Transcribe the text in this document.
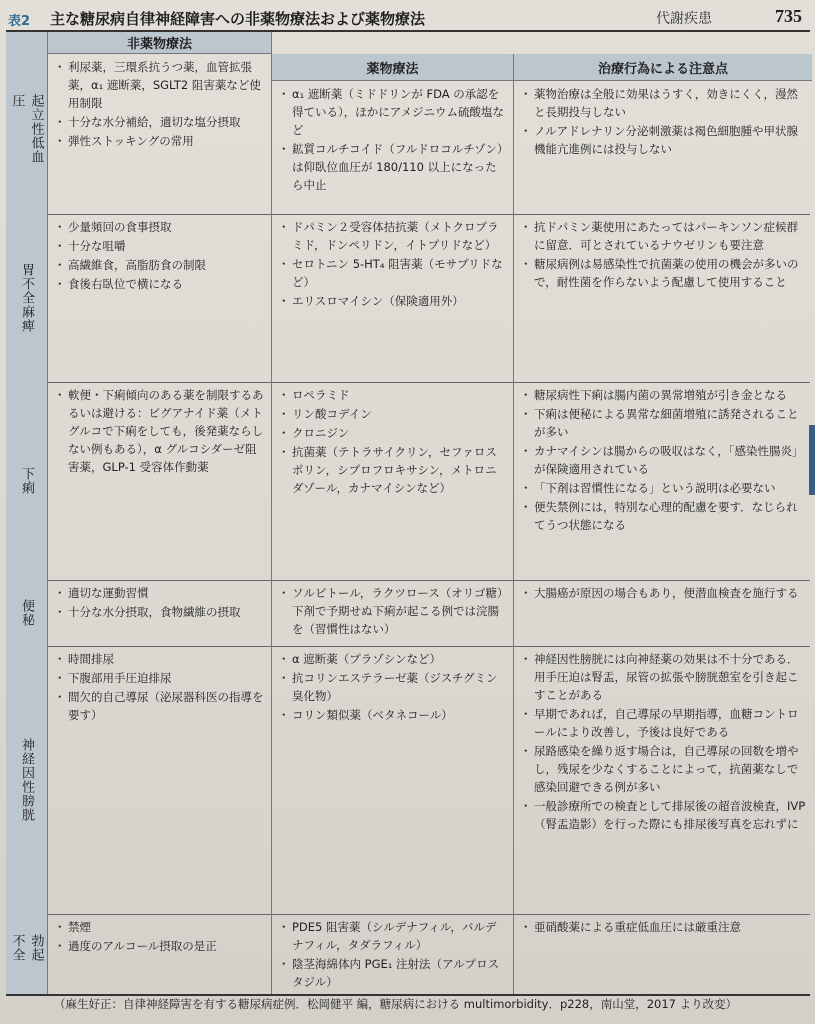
表2 主な糖尿病自律神経障害への非薬物療法および薬物療法	代謝疾患	735
非薬物療法
起立性低血圧
・ 利尿薬，三環系抗うつ薬，血管拡張薬，α₁ 遮断薬，SGLT2 阻害薬など使用制限
・ 十分な水分補給，適切な塩分摂取
・ 弾性ストッキングの常用
薬物療法
・ α₁ 遮断薬（ミドドリンが FDA の承認を得ている），ほかにアメジニウム硫酸塩など
・ 鉱質コルチコイド（フルドロコルチゾン）は仰臥位血圧が 180/110 以上になったら中止
治療行為による注意点
・ 薬物治療は全般に効果はうすく，効きにくく，漫然と長期投与しない
・ ノルアドレナリン分泌刺激薬は褐色細胞腫や甲状腺機能亢進例には投与しない
胃不全麻痺
・ 少量頻回の食事摂取
・ 十分な咀嚼
・ 高繊維食，高脂肪食の制限
・ 食後右臥位で横になる
・ ドパミン２受容体拮抗薬（メトクロプラミド，ドンペリドン，イトプリドなど）
・ セロトニン 5-HT₄ 阻害薬（モサプリドなど）
・ エリスロマイシン（保険適用外）
・ 抗ドパミン薬使用にあたってはパーキンソン症候群に留意．可とされているナウゼリンも要注意
・ 糖尿病例は易感染性で抗菌薬の使用の機会が多いので，耐性菌を作らないよう配慮して使用すること
下痢
・ 軟便・下痢傾向のある薬を制限するあるいは避ける：ビグアナイド薬（メトグルコで下痢をしても，後発薬ならしない例もある），α グルコシダーゼ阻害薬，GLP-1 受容体作動薬
・ ロペラミド
・ リン酸コデイン
・ クロニジン
・ 抗菌薬（テトラサイクリン，セファロスポリン，シプロフロキサシン，メトロニダゾール，カナマイシンなど）
・ 糖尿病性下痢は腸内菌の異常増殖が引き金となる
・ 下痢は便秘による異常な細菌増殖に誘発されることが多い
・ カナマイシンは腸からの吸収はなく，「感染性腸炎」が保険適用されている
・ 「下剤は習慣性になる」という説明は必要ない
・ 便失禁例には，特別な心理的配慮を要す．なじられてうつ状態になる
便秘
・ 適切な運動習慣
・ 十分な水分摂取，食物繊維の摂取
・ ソルビトール，ラクツロース（オリゴ糖）下剤で予期せぬ下痢が起こる例では浣腸を（習慣性はない）
・ 大腸癌が原因の場合もあり，便潜血検査を施行する
神経因性膀胱
・ 時間排尿
・ 下腹部用手圧迫排尿
・ 間欠的自己導尿（泌尿器科医の指導を要す）
・ α 遮断薬（プラゾシンなど）
・ 抗コリンエステラーゼ薬（ジスチグミン臭化物）
・ コリン類似薬（ベタネコール）
・ 神経因性膀胱には向神経薬の効果は不十分である．用手圧迫は腎盂，尿管の拡張や膀胱憩室を引き起こすことがある
・ 早期であれば，自己導尿の早期指導，血糖コントロールにより改善し，予後は良好である
・ 尿路感染を繰り返す場合は，自己導尿の回数を増やし，残尿を少なくすることによって，抗菌薬なしで感染回避できる例が多い
・ 一般診療所での検査として排尿後の超音波検査，IVP（腎盂造影）を行った際にも排尿後写真を忘れずに
勃起不全
・ 禁煙
・ 過度のアルコール摂取の是正
・ PDE5 阻害薬（シルデナフィル，バルデナフィル，タダラフィル）
・ 陰茎海綿体内 PGE₁ 注射法（アルプロスタジル）
・ 亜硝酸薬による重症低血圧には厳重注意
（麻生好正：自律神経障害を有する糖尿病症例．松岡健平 編，糖尿病における multimorbidity．p228，南山堂，2017 より改変）
